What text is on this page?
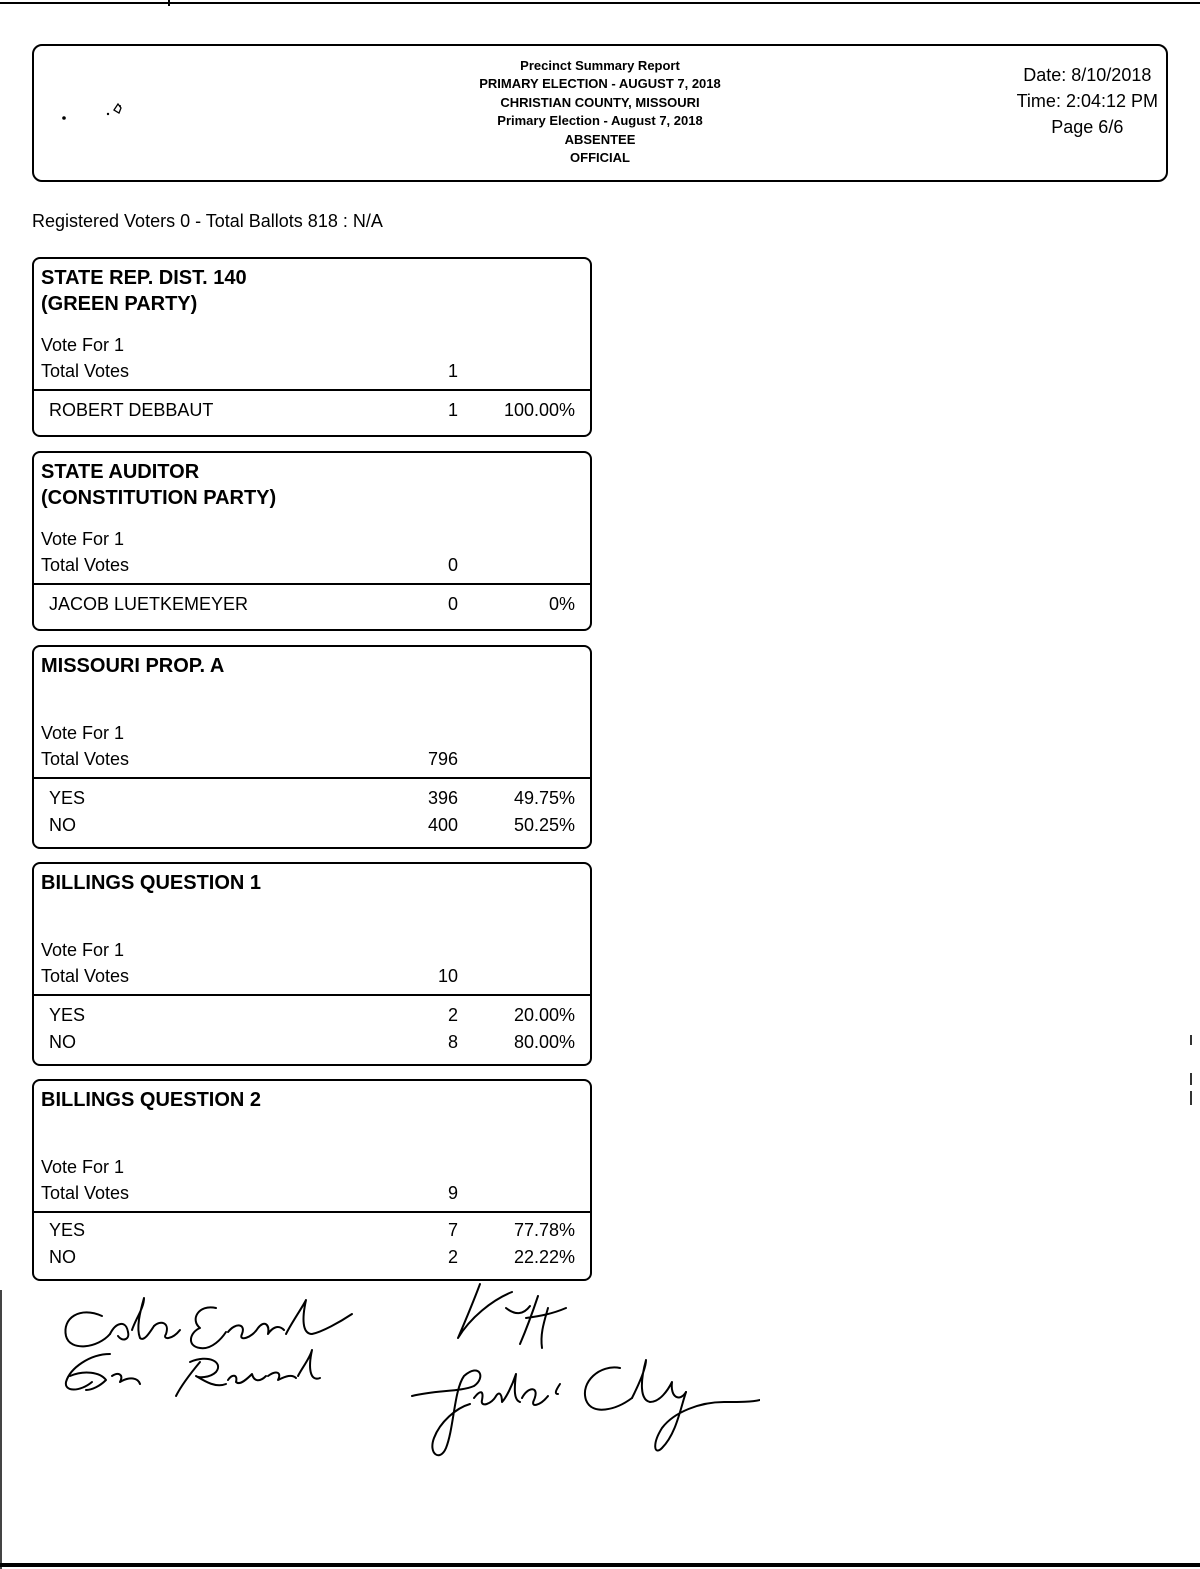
Precinct Summary Report
PRIMARY ELECTION - AUGUST 7, 2018
CHRISTIAN COUNTY, MISSOURI
Primary Election - August 7, 2018
ABSENTEE
OFFICIAL
Date: 8/10/2018
Time: 2:04:12 PM
Page 6/6
Registered Voters 0 - Total Ballots 818 : N/A
STATE REP. DIST. 140
(GREEN PARTY)
Vote For 1
Total Votes	1
ROBERT DEBBAUT	1	100.00%
STATE AUDITOR
(CONSTITUTION PARTY)
Vote For 1
Total Votes	0
JACOB LUETKEMEYER	0	0%
MISSOURI PROP. A
Vote For 1
Total Votes	796
YES	396	49.75%
NO	400	50.25%
BILLINGS QUESTION 1
Vote For 1
Total Votes	10
YES	2	20.00%
NO	8	80.00%
BILLINGS QUESTION 2
Vote For 1
Total Votes	9
YES	7	77.78%
NO	2	22.22%
